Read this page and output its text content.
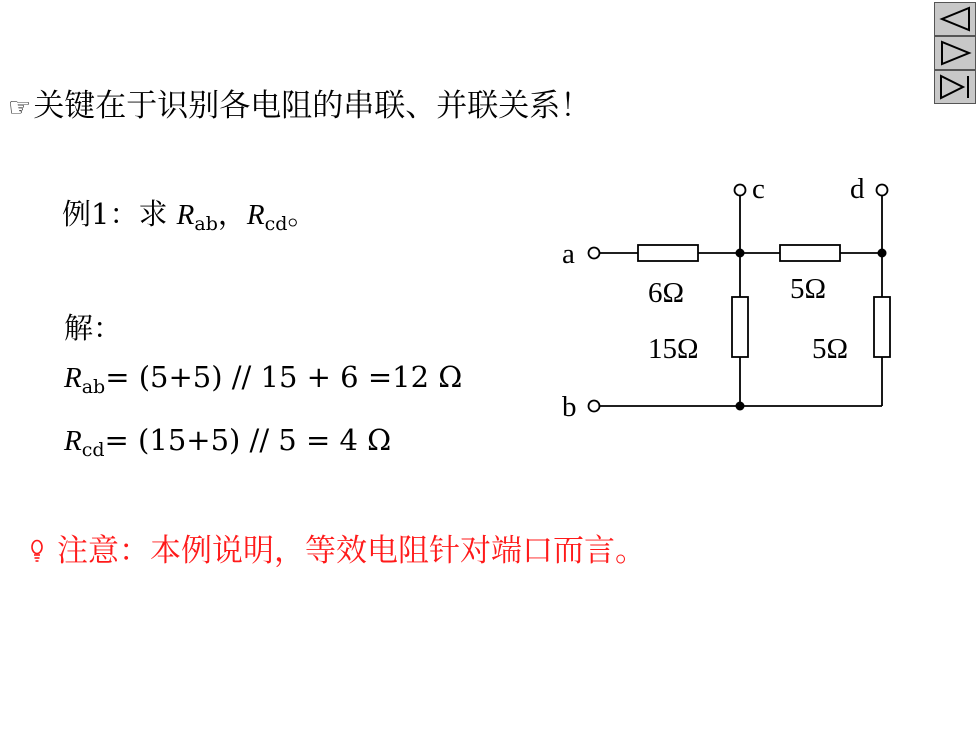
☞关键在于识别各电阻的串联、并联关系！
例1：求 $R_{ab}$，$R_{cd}$。
解：
$R_{ab}= (5+5) // 15 + 6 =12$ Ω
$R_{cd}= (15+5) // 5 = 4$ Ω
a
b
c	d
6Ω	5Ω
15Ω	5Ω
注意：本例说明，等效电阻针对端口而言。
